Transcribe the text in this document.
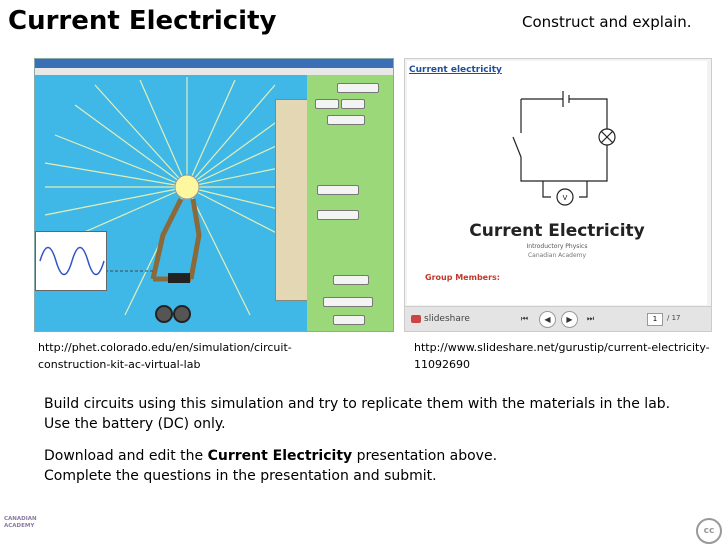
Current Electricity	Construct and explain.
Current electricity
V
Current Electricity
Introductory Physics
Canadian Academy
Group Members:
slideshare	⏮	◀	▶	⏭	1	/ 17
http://phet.colorado.edu/en/simulation/circuit-construction-kit-ac-virtual-lab
http://www.slideshare.net/gurustip/current-electricity-11092690

Build circuits using this simulation and try to replicate them with the materials in the lab. Use the battery (DC) only.

Download and edit the Current Electricity presentation above.

Complete the questions in the presentation and submit.

CANADIAN
ACADEMY	cc
